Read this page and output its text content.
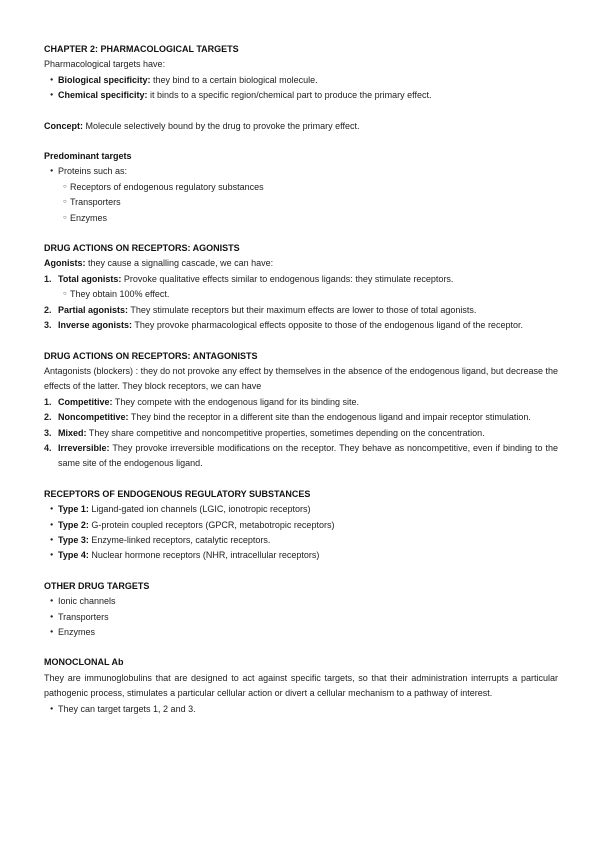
CHAPTER 2: PHARMACOLOGICAL TARGETS

Pharmacological targets have:

● Biological specificity: they bind to a certain biological molecule.
● Chemical specificity: it binds to a specific region/chemical part to produce the primary effect.

Concept: Molecule selectively bound by the drug to provoke the primary effect.

Predominant targets

● Proteins such as:
○ Receptors of endogenous regulatory substances
○ Transporters
○ Enzymes

DRUG ACTIONS ON RECEPTORS: AGONISTS

Agonists: they cause a signalling cascade, we can have:

1. Total agonists: Provoke qualitative effects similar to endogenous ligands: they stimulate receptors.
○ They obtain 100% effect.
2. Partial agonists: They stimulate receptors but their maximum effects are lower to those of total agonists.
3. Inverse agonists: They provoke pharmacological effects opposite to those of the endogenous ligand of the receptor.

DRUG ACTIONS ON RECEPTORS: ANTAGONISTS

Antagonists (blockers) : they do not provoke any effect by themselves in the absence of the endogenous ligand, but decrease the effects of the latter. They block receptors, we can have

1. Competitive: They compete with the endogenous ligand for its binding site.
2. Noncompetitive: They bind the receptor in a different site than the endogenous ligand and impair receptor stimulation.
3. Mixed: They share competitive and noncompetitive properties, sometimes depending on the concentration.
4. Irreversible: They provoke irreversible modifications on the receptor. They behave as noncompetitive, even if binding to the same site of the endogenous ligand.

RECEPTORS OF ENDOGENOUS REGULATORY SUBSTANCES

● Type 1: Ligand-gated ion channels (LGIC, ionotropic receptors)
● Type 2: G-protein coupled receptors (GPCR, metabotropic receptors)
● Type 3: Enzyme-linked receptors, catalytic receptors.
● Type 4: Nuclear hormone receptors (NHR, intracellular receptors)

OTHER DRUG TARGETS

● Ionic channels
● Transporters
● Enzymes

MONOCLONAL Ab

They are immunoglobulins that are designed to act against specific targets, so that their administration interrupts a particular pathogenic process, stimulates a particular cellular action or divert a cellular mechanism to a pathway of interest.

● They can target targets 1, 2 and 3.
